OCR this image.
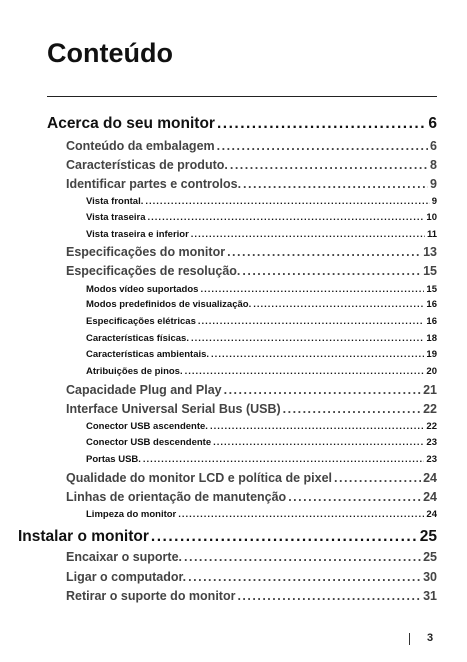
Conteúdo
Acerca do seu monitor .....	6
Conteúdo da embalagem .....	6
Características de produto. .....	8
Identificar partes e controlos. .....	9
Vista frontal. .....	9
Vista traseira .....	10
Vista traseira e inferior .....	11
Especificações do monitor .....	13
Especificações de resolução. .....	15
Modos vídeo suportados .....	15
Modos predefinidos de visualização. .....	16
Especificações elétricas .....	16
Características físicas. .....	18
Características ambientais. .....	19
Atribuições de pinos. .....	20
Capacidade Plug and Play .....	21
Interface Universal Serial Bus (USB) .....	22
Conector USB ascendente. .....	22
Conector USB descendente .....	23
Portas USB. .....	23
Qualidade do monitor LCD e política de pixel .....	24
Linhas de orientação de manutenção .....	24
Limpeza do monitor .....	24
Instalar o monitor .....	25
Encaixar o suporte. .....	25
Ligar o computador. .....	30
Retirar o suporte do monitor .....	31
3
